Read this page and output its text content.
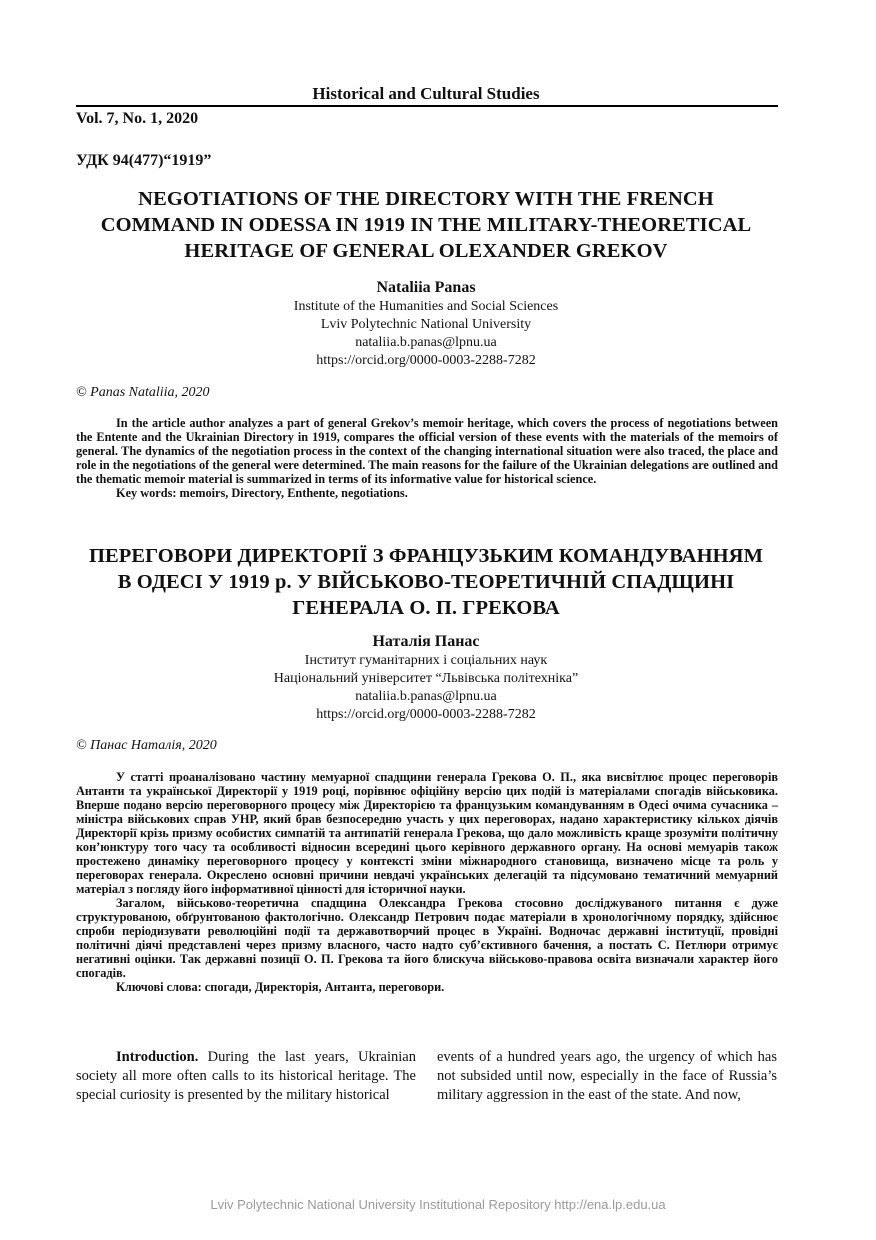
Historical and Cultural Studies
Vol. 7, No. 1, 2020
УДК 94(477)“1919”
NEGOTIATIONS OF THE DIRECTORY WITH THE FRENCH
COMMAND IN ODESSA IN 1919 IN THE MILITARY-THEORETICAL
HERITAGE OF GENERAL OLEXANDER GREKOV
Nataliia Panas
Institute of the Humanities and Social Sciences
Lviv Polytechnic National University
nataliia.b.panas@lpnu.ua
https://orcid.org/0000-0003-2288-7282
© Panas Nataliia, 2020

In the article author analyzes a part of general Grekov’s memoir heritage, which covers the process of negotiations between the Entente and the Ukrainian Directory in 1919, compares the official version of these events with the materials of the memoirs of general. The dynamics of the negotiation process in the context of the changing international situation were also traced, the place and role in the negotiations of the general were determined. The main reasons for the failure of the Ukrainian delegations are outlined and the thematic memoir material is summarized in terms of its informative value for historical science.

Key words: memoirs, Directory, Enthente, negotiations.

ПЕРЕГОВОРИ ДИРЕКТОРІЇ З ФРАНЦУЗЬКИМ КОМАНДУВАННЯМ
В ОДЕСІ У 1919 р. У ВІЙСЬКОВО-ТЕОРЕТИЧНІЙ СПАДЩИНІ
ГЕНЕРАЛА О. П. ГРЕКОВА
Наталія Панас
Інститут гуманітарних і соціальних наук
Національний університет “Львівська політехніка”
nataliia.b.panas@lpnu.ua
https://orcid.org/0000-0003-2288-7282
© Панас Наталія, 2020

У статті проаналізовано частину мемуарної спадщини генерала Грекова О. П., яка висвітлює процес переговорів Антанти та української Директорії у 1919 році, порівнює офіційну версію цих подій із матеріалами спогадів військовика. Вперше подано версію переговорного процесу між Директорією та французьким командуванням в Одесі очима сучасника – міністра військових справ УНР, який брав безпосередню участь у цих переговорах, надано характеристику кількох діячів Директорії крізь призму особистих симпатій та антипатій генерала Грекова, що дало можливість краще зрозуміти політичну кон’юнктуру того часу та особливості відносин всередині цього керівного державного органу. На основі мемуарів також простежено динаміку переговорного процесу у контексті зміни міжнародного становища, визначено місце та роль у переговорах генерала. Окреслено основні причини невдачі українських делегацій та підсумовано тематичний мемуарний матеріал з погляду його інформативної цінності для історичної науки.

Загалом, військово-теоретична спадщина Олександра Грекова стосовно досліджуваного питання є дуже структурованою, обґрунтованою фактологічно. Олександр Петрович подає матеріали в хронологічному порядку, здійснює спроби періодизувати революційні події та державотворчий процес в Україні. Водночас державні інституції, провідні політичні діячі представлені через призму власного, часто надто суб’єктивного бачення, а постать С. Петлюри отримує негативні оцінки. Так державні позиції О. П. Грекова та його блискуча військово-правова освіта визначали характер його спогадів.

Ключові слова: спогади, Директорія, Антанта, переговори.

Introduction. During the last years, Ukrainian society all more often calls to its historical heritage. The special curiosity is presented by the military historical
events of a hundred years ago, the urgency of which has not subsided until now, especially in the face of Russia’s military aggression in the east of the state. And now,
Lviv Polytechnic National University Institutional Repository http://ena.lp.edu.ua
